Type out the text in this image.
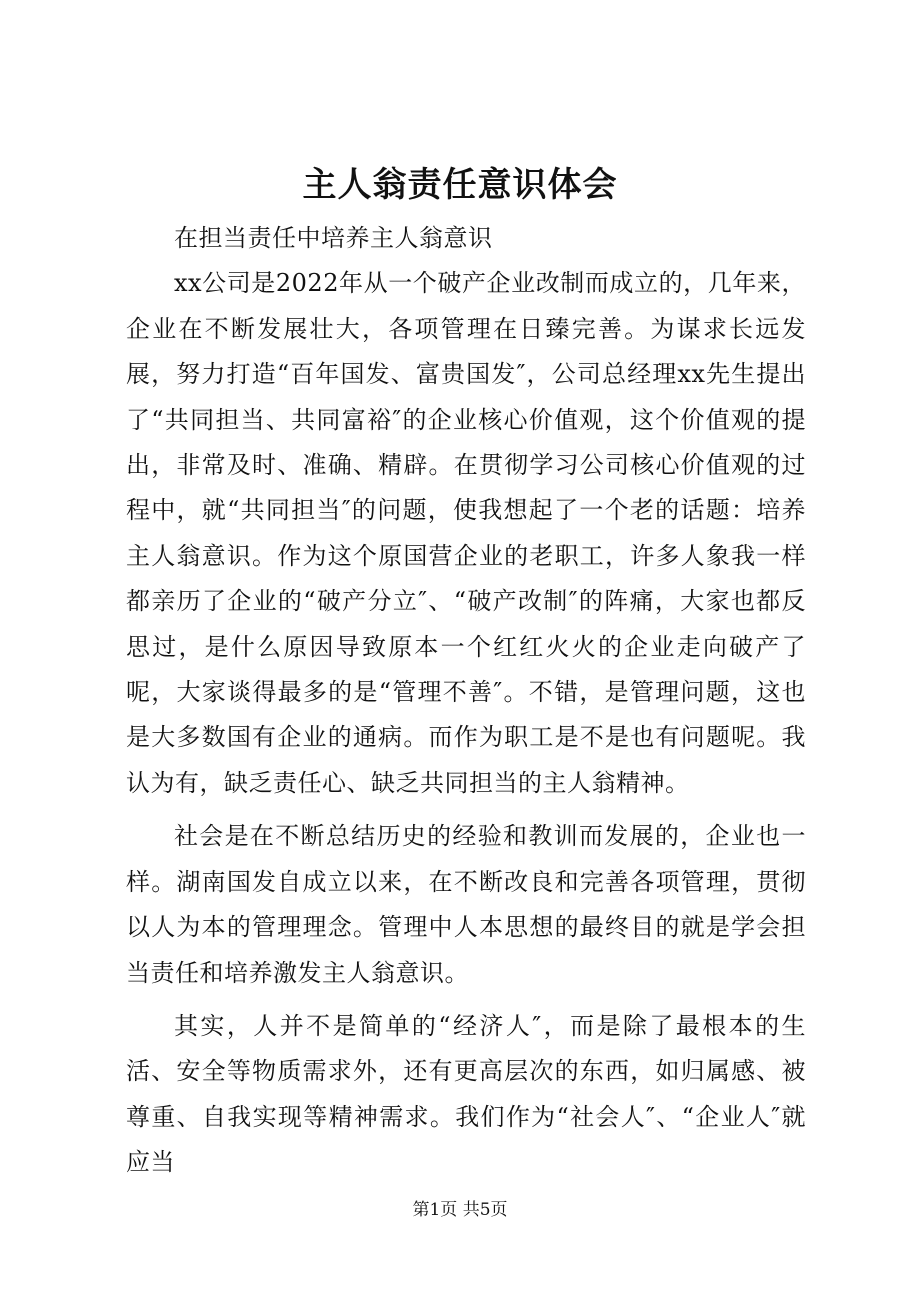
主人翁责任意识体会

在担当责任中培养主人翁意识

xx公司是2022年从一个破产企业改制而成立的，几年来，企业在不断发展壮大，各项管理在日臻完善。为谋求长远发展，努力打造“百年国发、富贵国发″，公司总经理xx先生提出了“共同担当、共同富裕″的企业核心价值观，这个价值观的提出，非常及时、准确、精辟。在贯彻学习公司核心价值观的过程中，就“共同担当″的问题，使我想起了一个老的话题：培养主人翁意识。作为这个原国营企业的老职工，许多人象我一样都亲历了企业的“破产分立″、“破产改制″的阵痛，大家也都反思过，是什么原因导致原本一个红红火火的企业走向破产了呢，大家谈得最多的是“管理不善″。不错，是管理问题，这也是大多数国有企业的通病。而作为职工是不是也有问题呢。我认为有，缺乏责任心、缺乏共同担当的主人翁精神。

社会是在不断总结历史的经验和教训而发展的，企业也一样。湖南国发自成立以来，在不断改良和完善各项管理，贯彻以人为本的管理理念。管理中人本思想的最终目的就是学会担当责任和培养激发主人翁意识。

其实，人并不是简单的“经济人″，而是除了最根本的生活、安全等物质需求外，还有更高层次的东西，如归属感、被尊重、自我实现等精神需求。我们作为“社会人″、“企业人″就应当

第1页 共5页
